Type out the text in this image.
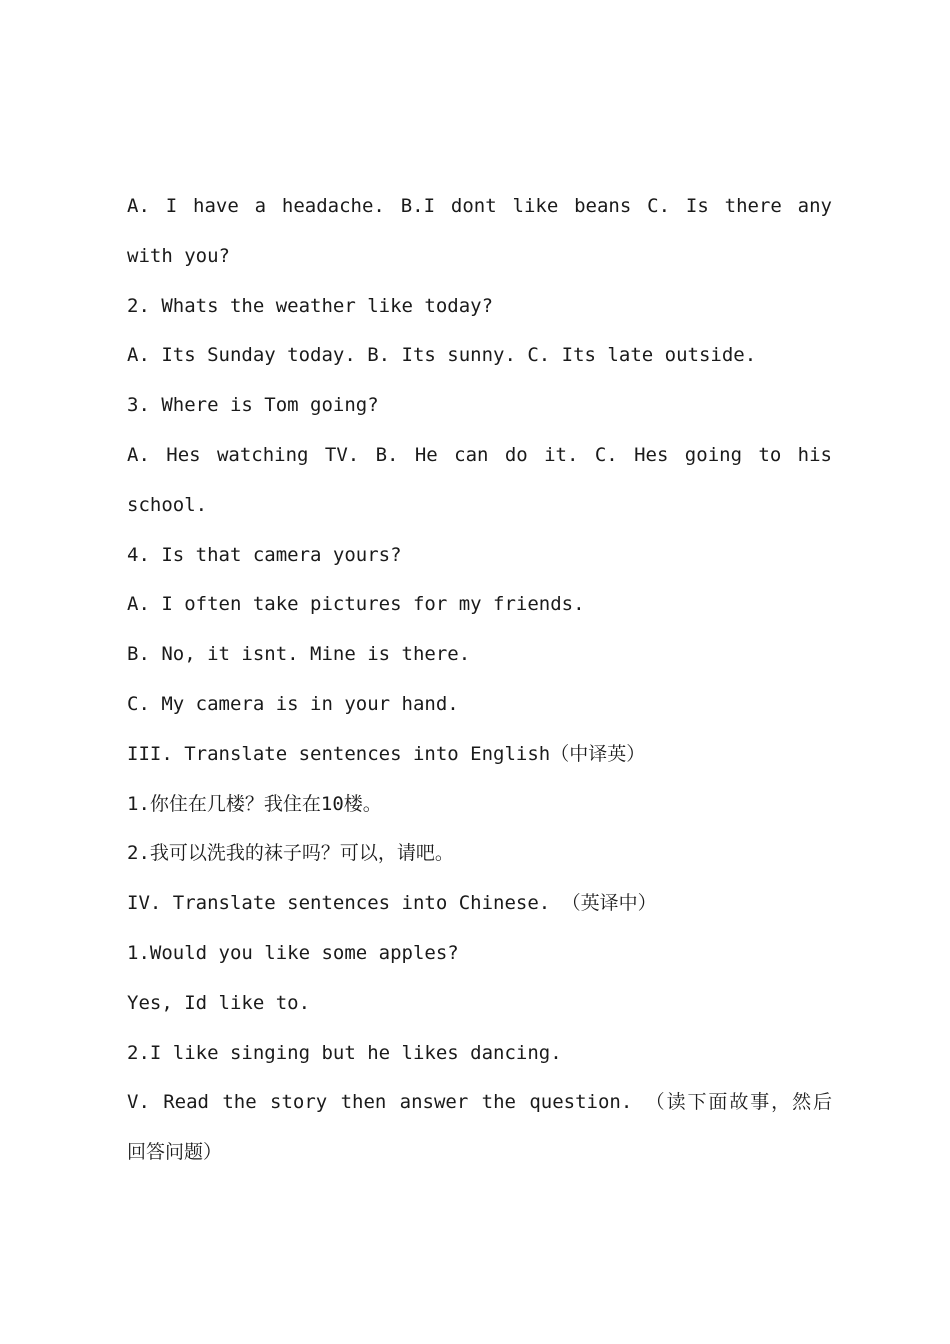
A. I have a headache. B.I dont like beans C. Is there any
with you?
2. Whats the weather like today?
A. Its Sunday today. B. Its sunny. C. Its late outside.
3. Where is Tom going?
A. Hes watching TV. B. He can do it. C. Hes going to his
school.
4. Is that camera yours?
A. I often take pictures for my friends.
B. No, it isnt. Mine is there.
C. My camera is in your hand.
III. Translate sentences into English（中译英）
1.你住在几楼？我住在10楼。
2.我可以洗我的袜子吗？可以，请吧。
IV. Translate sentences into Chinese. （英译中）
1.Would you like some apples?
Yes, Id like to.
2.I like singing but he likes dancing.
V. Read the story then answer the question. （读下面故事，然后
回答问题）
